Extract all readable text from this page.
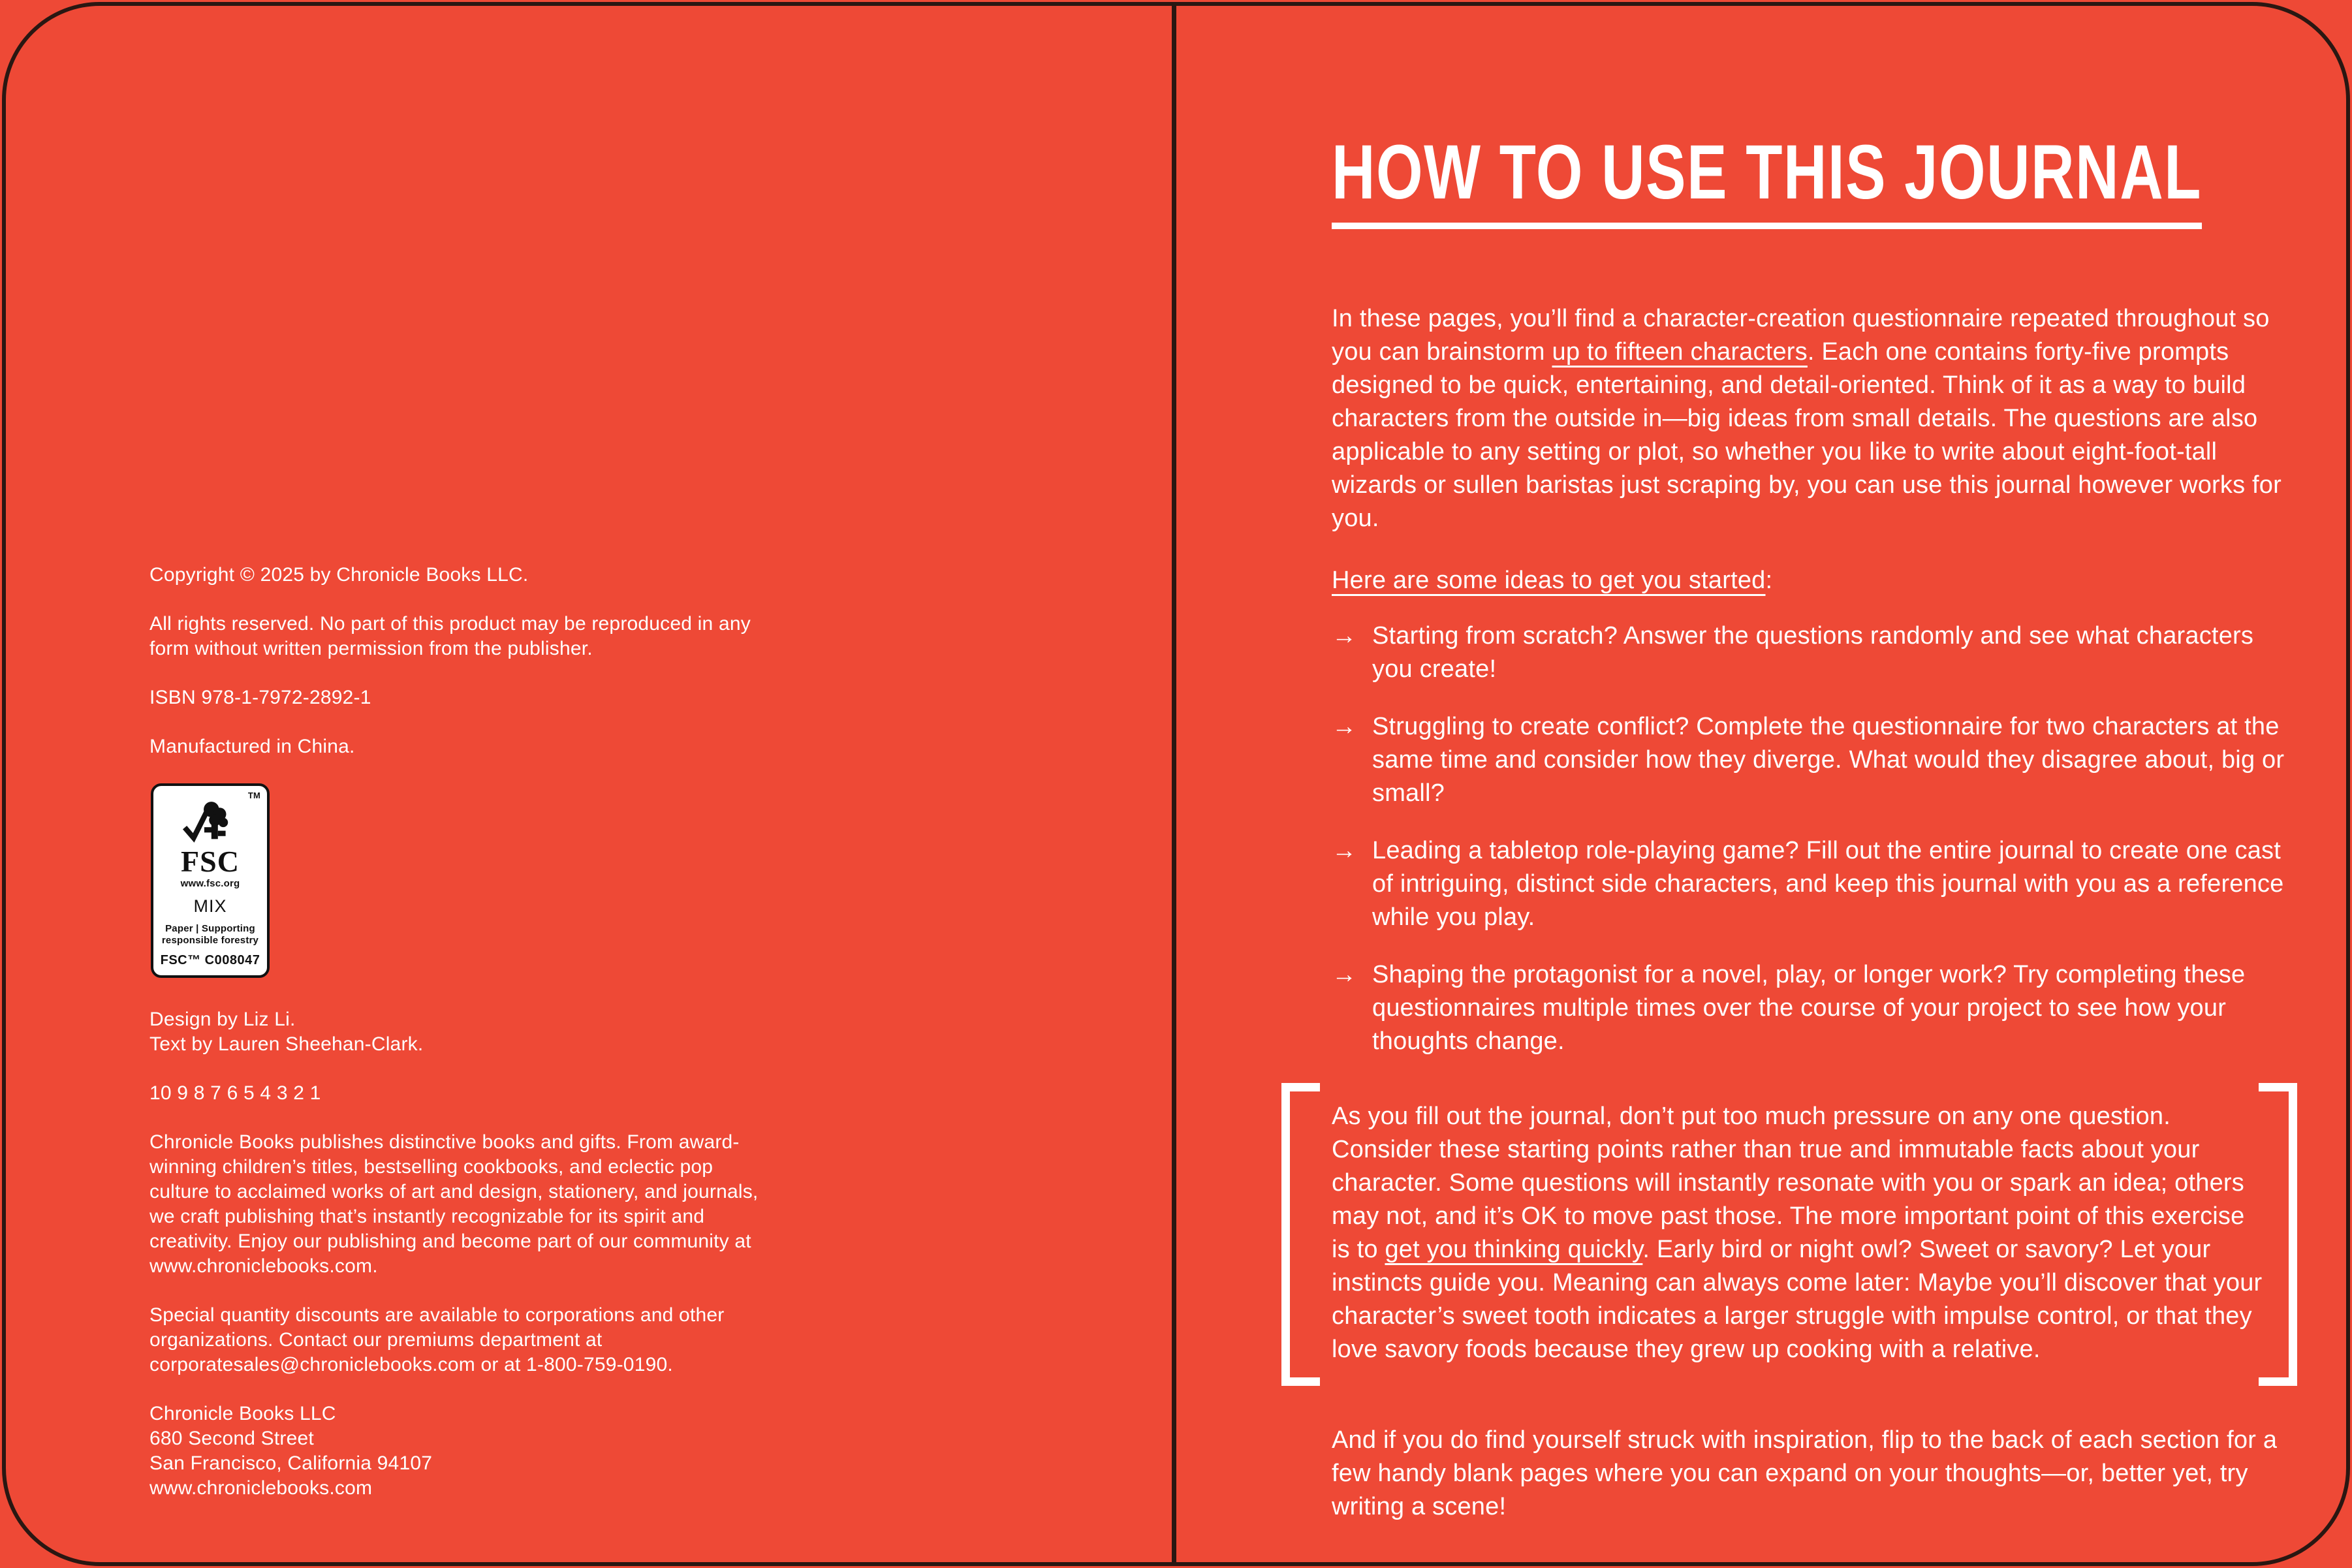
Copyright © 2025 by Chronicle Books LLC.

All rights reserved. No part of this product may be reproduced in any form without written permission from the publisher.

ISBN 978-1-7972-2892-1

Manufactured in China.

TM
FSC
www.fsc.org
MIX
Paper | Supporting responsible forestry
FSC™ C008047
Design by Liz Li.
Text by Lauren Sheehan-Clark.

10 9 8 7 6 5 4 3 2 1

Chronicle Books publishes distinctive books and gifts. From award-winning children’s titles, bestselling cookbooks, and eclectic pop culture to acclaimed works of art and design, stationery, and journals, we craft publishing that’s instantly recognizable for its spirit and creativity. Enjoy our publishing and become part of our community at www.chroniclebooks.com.

Special quantity discounts are available to corporations and other organizations. Contact our premiums department at corporatesales@chroniclebooks.com or at 1-800-759-0190.

Chronicle Books LLC
680 Second Street
San Francisco, California 94107
www.chroniclebooks.com
HOW TO USE THIS JOURNAL

In these pages, you’ll find a character-creation questionnaire repeated throughout so you can brainstorm up to fifteen characters. Each one contains forty-five prompts designed to be quick, entertaining, and detail-oriented. Think of it as a way to build characters from the outside in—big ideas from small details. The questions are also applicable to any setting or plot, so whether you like to write about eight-foot-tall wizards or sullen baristas just scraping by, you can use this journal however works for you.

Here are some ideas to get you started:

→ Starting from scratch? Answer the questions randomly and see what characters you create!
→ Struggling to create conflict? Complete the questionnaire for two characters at the same time and consider how they diverge. What would they disagree about, big or small?
→ Leading a tabletop role-playing game? Fill out the entire journal to create one cast of intriguing, distinct side characters, and keep this journal with you as a reference while you play.
→ Shaping the protagonist for a novel, play, or longer work? Try completing these questionnaires multiple times over the course of your project to see how your thoughts change.

As you fill out the journal, don’t put too much pressure on any one question. Consider these starting points rather than true and immutable facts about your character. Some questions will instantly resonate with you or spark an idea; others may not, and it’s OK to move past those. The more important point of this exercise is to get you thinking quickly. Early bird or night owl? Sweet or savory? Let your instincts guide you. Meaning can always come later: Maybe you’ll discover that your character’s sweet tooth indicates a larger struggle with impulse control, or that they love savory foods because they grew up cooking with a relative.

And if you do find yourself struck with inspiration, flip to the back of each section for a few handy blank pages where you can expand on your thoughts—or, better yet, try writing a scene!
